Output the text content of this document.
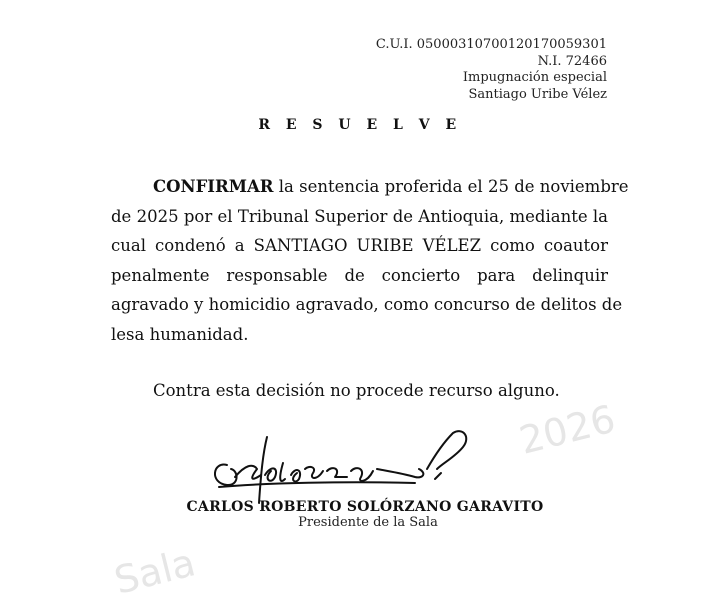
2026
Sala
C.U.I. 05000310700120170059301
N.I. 72466
Impugnación especial
Santiago Uribe Vélez
R E S U E L V E
CONFIRMAR la sentencia proferida el 25 de noviembre
de 2025 por el Tribunal Superior de Antioquia, mediante la
cual condenó a SANTIAGO URIBE VÉLEZ como coautor
penalmente responsable de concierto para delinquir
agravado y homicidio agravado, como concurso de delitos de
lesa humanidad.
Contra esta decisión no procede recurso alguno.
CARLOS ROBERTO SOLÓRZANO GARAVITO
Presidente de la Sala
